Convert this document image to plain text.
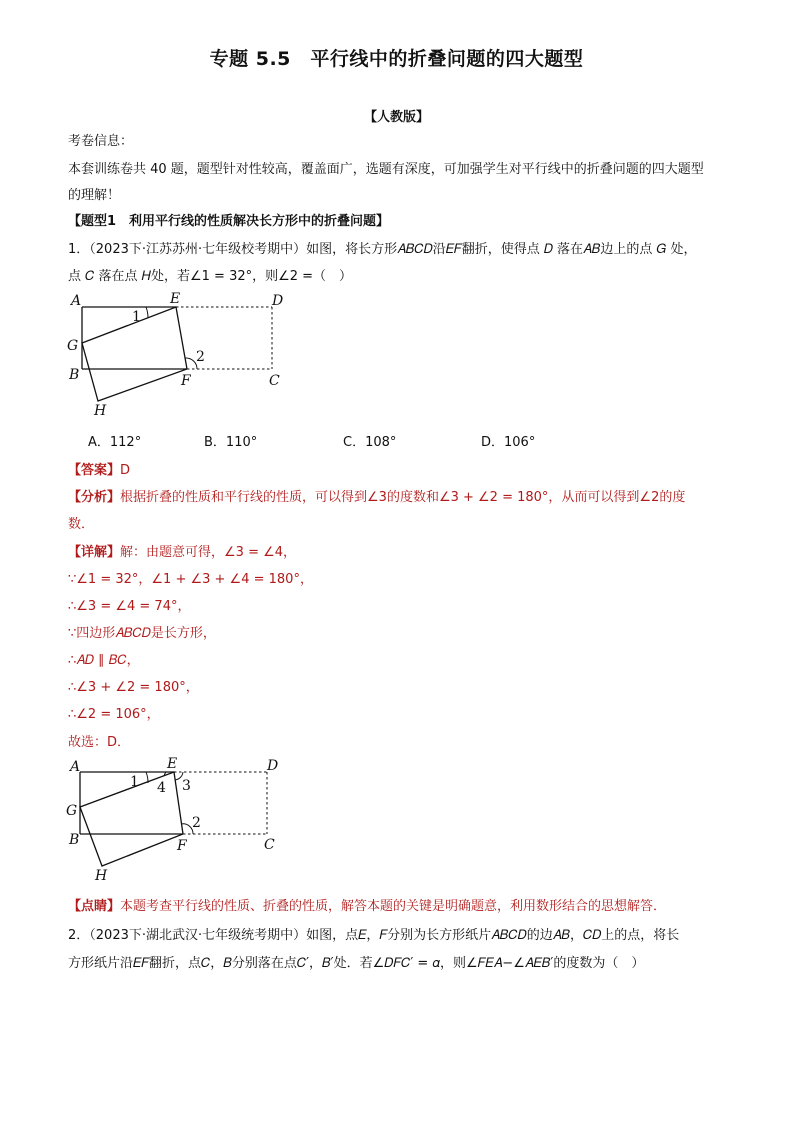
专题 5.5　平行线中的折叠问题的四大题型
【人教版】
考卷信息：
本套训练卷共 40 题，题型针对性较高，覆盖面广，选题有深度，可加强学生对平行线中的折叠问题的四大题型
的理解！
【题型1　利用平行线的性质解决长方形中的折叠问题】
1．（2023下·江苏苏州·七年级校考期中）如图，将长方形𝐴𝐵𝐶𝐷沿𝐸𝐹翻折，使得点 𝐷 落在𝐴𝐵边上的点 𝐺 处，
点 𝐶 落在点 𝐻处，若∠1 = 32°，则∠2 =（　）
A	E	D
G
B	F	C
H
1
2
A．112°	B．110°	C．108°	D．106°
【答案】D
【分析】根据折叠的性质和平行线的性质，可以得到∠3的度数和∠3 + ∠2 = 180°，从而可以得到∠2的度
数．
【详解】解：由题意可得，∠3 = ∠4，
∵∠1 = 32°，∠1 + ∠3 + ∠4 = 180°，
∴∠3 = ∠4 = 74°，
∵四边形𝐴𝐵𝐶𝐷是长方形，
∴𝐴𝐷 ∥ 𝐵𝐶，
∴∠3 + ∠2 = 180°，
∴∠2 = 106°，
故选：D．
A	E	D
G
B	F	C
H
1 4 3
2
【点睛】本题考查平行线的性质、折叠的性质，解答本题的关键是明确题意，利用数形结合的思想解答．
2．（2023下·湖北武汉·七年级统考期中）如图，点𝐸，𝐹分别为长方形纸片𝐴𝐵𝐶𝐷的边𝐴𝐵，𝐶𝐷上的点，将长
方形纸片沿𝐸𝐹翻折，点𝐶，𝐵分别落在点𝐶′，𝐵′处．若∠𝐷𝐹𝐶′ = 𝛼，则∠𝐹𝐸𝐴−∠𝐴𝐸𝐵′的度数为（　）
